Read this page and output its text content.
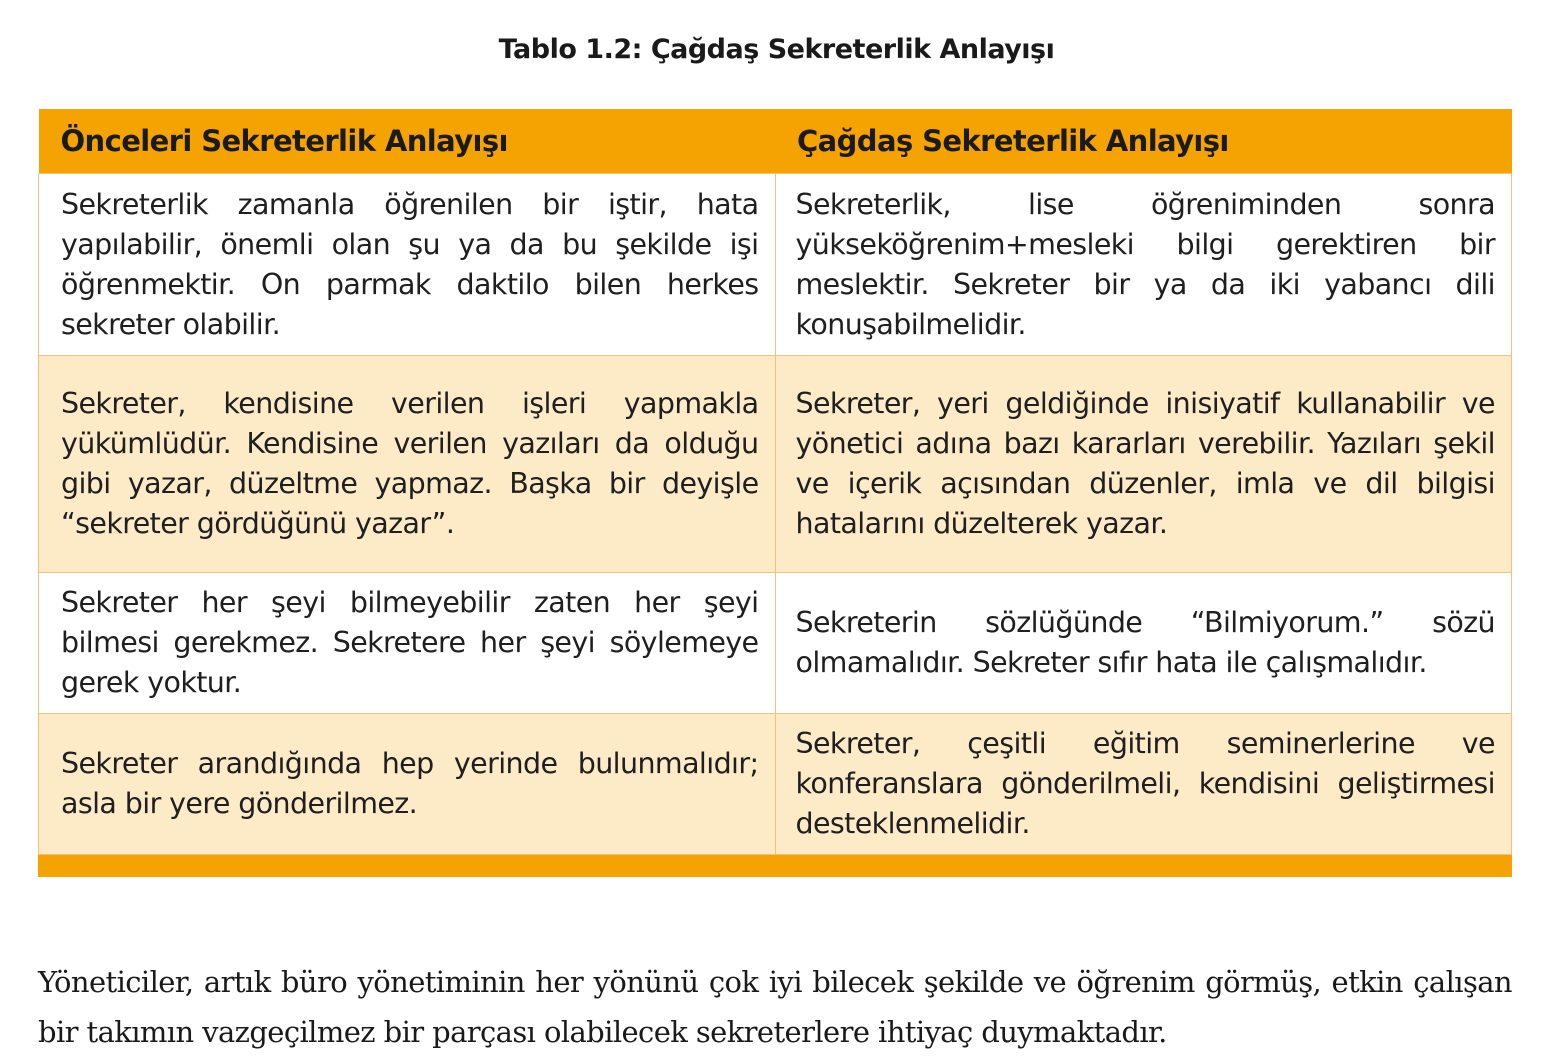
Tablo 1.2: Çağdaş Sekreterlik Anlayışı
Önceleri Sekreterlik Anlayışı	Çağdaş Sekreterlik Anlayışı
Sekreterlik zamanla öğrenilen bir iştir, hata yapılabilir, önemli olan şu ya da bu şekilde işi öğrenmektir. On parmak daktilo bilen herkes sekreter olabilir.	Sekreterlik, lise öğreniminden sonra yükseköğrenim+mesleki bilgi gerektiren bir meslektir. Sekreter bir ya da iki yabancı dili konuşabilmelidir.
Sekreter, kendisine verilen işleri yapmakla yükümlüdür. Kendisine verilen yazıları da olduğu gibi yazar, düzeltme yapmaz. Başka bir deyişle “sekreter gördüğünü yazar”.	Sekreter, yeri geldiğinde inisiyatif kullanabilir ve yönetici adına bazı kararları verebilir. Yazıları şekil ve içerik açısından düzenler, imla ve dil bilgisi hatalarını düzelterek yazar.
Sekreter her şeyi bilmeyebilir zaten her şeyi bilmesi gerekmez. Sekretere her şeyi söylemeye gerek yoktur.	Sekreterin sözlüğünde “Bilmiyorum.” sözü olmamalıdır. Sekreter sıfır hata ile çalışmalıdır.
Sekreter arandığında hep yerinde bulunmalıdır; asla bir yere gönderilmez.	Sekreter, çeşitli eğitim seminerlerine ve konferanslara gönderilmeli, kendisini geliştirmesi desteklenmelidir.

Yöneticiler, artık büro yönetiminin her yönünü çok iyi bilecek şekilde ve öğrenim görmüş, etkin çalışan bir takımın vazgeçilmez bir parçası olabilecek sekreterlere ihtiyaç duymaktadır.
